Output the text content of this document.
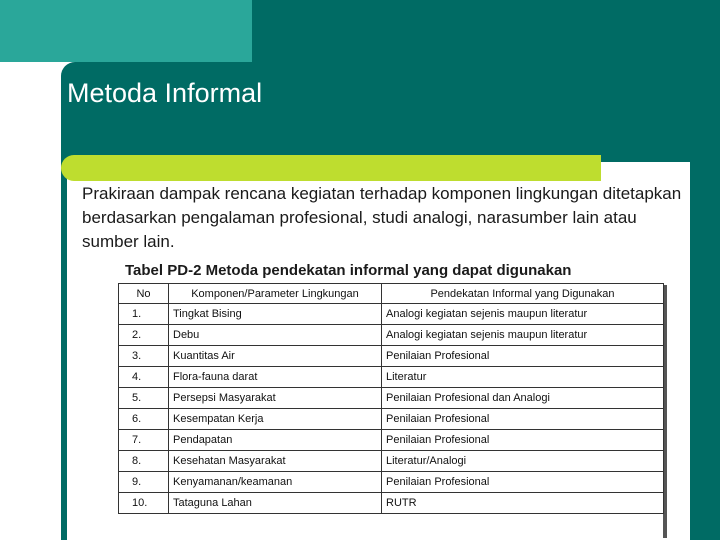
Metoda Informal

Prakiraan dampak rencana kegiatan terhadap komponen lingkungan ditetapkan berdasarkan pengalaman profesional, studi analogi, narasumber lain atau sumber lain.

Tabel PD-2 Metoda pendekatan informal yang dapat digunakan

No	Komponen/Parameter Lingkungan	Pendekatan Informal yang Digunakan
1.	Tingkat Bising	Analogi kegiatan sejenis maupun literatur
2.	Debu	Analogi kegiatan sejenis maupun literatur
3.	Kuantitas Air	Penilaian Profesional
4.	Flora-fauna darat	Literatur
5.	Persepsi Masyarakat	Penilaian Profesional dan Analogi
6.	Kesempatan Kerja	Penilaian Profesional
7.	Pendapatan	Penilaian Profesional
8.	Kesehatan Masyarakat	Literatur/Analogi
9.	Kenyamanan/keamanan	Penilaian Profesional
10.	Tataguna Lahan	RUTR
